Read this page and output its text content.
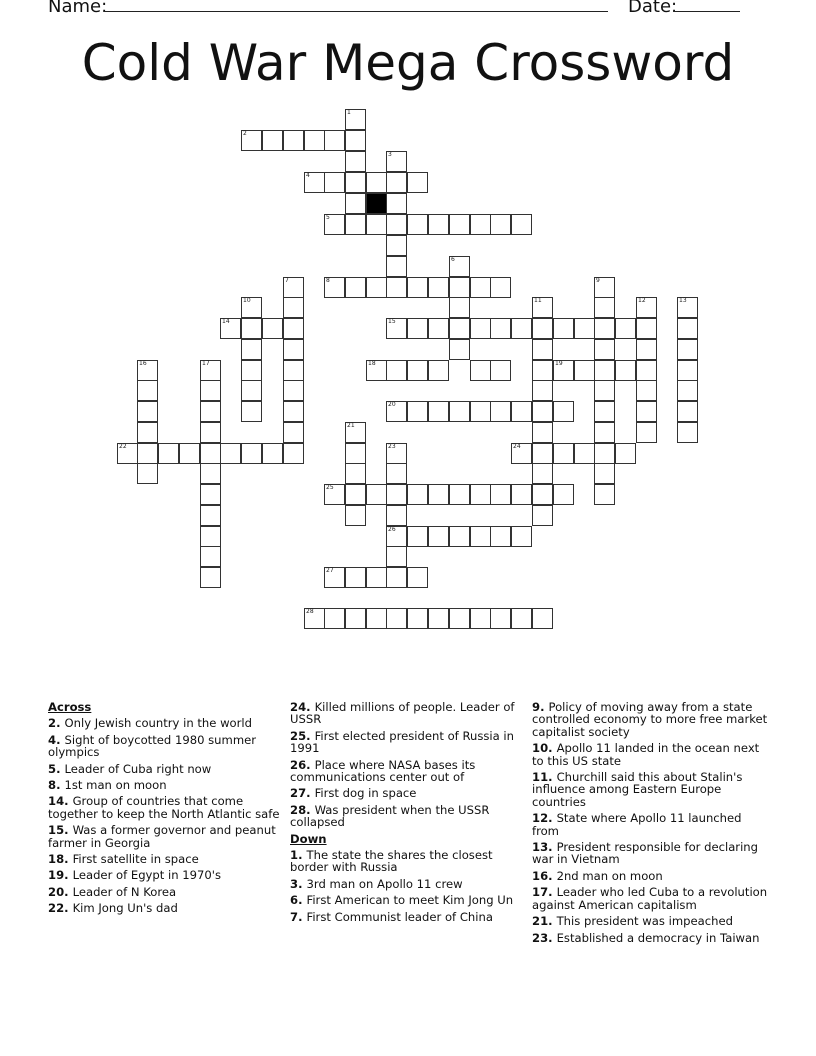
Name:	Date:
Cold War Mega Crossword
1
2
3
4
5
6
8
7
10
14
9
11	12	13
15
18	19
20
16	17
22
21
23
26
24
25
27
28
Across
2. Only Jewish country in the world
4. Sight of boycotted 1980 summer olympics
5. Leader of Cuba right now
8. 1st man on moon
14. Group of countries that come together to keep the North Atlantic safe
15. Was a former governor and peanut farmer in Georgia
18. First satellite in space
19. Leader of Egypt in 1970's
20. Leader of N Korea
22. Kim Jong Un's dad
24. Killed millions of people. Leader of USSR
25. First elected president of Russia in 1991
26. Place where NASA bases its communications center out of
27. First dog in space
28. Was president when the USSR collapsed
Down
1. The state the shares the closest border with Russia
3. 3rd man on Apollo 11 crew
6. First American to meet Kim Jong Un
7. First Communist leader of China
9. Policy of moving away from a state controlled economy to more free market capitalist society
10. Apollo 11 landed in the ocean next to this US state
11. Churchill said this about Stalin's influence among Eastern Europe countries
12. State where Apollo 11 launched from
13. President responsible for declaring war in Vietnam
16. 2nd man on moon
17. Leader who led Cuba to a revolution against American capitalism
21. This president was impeached
23. Established a democracy in Taiwan
